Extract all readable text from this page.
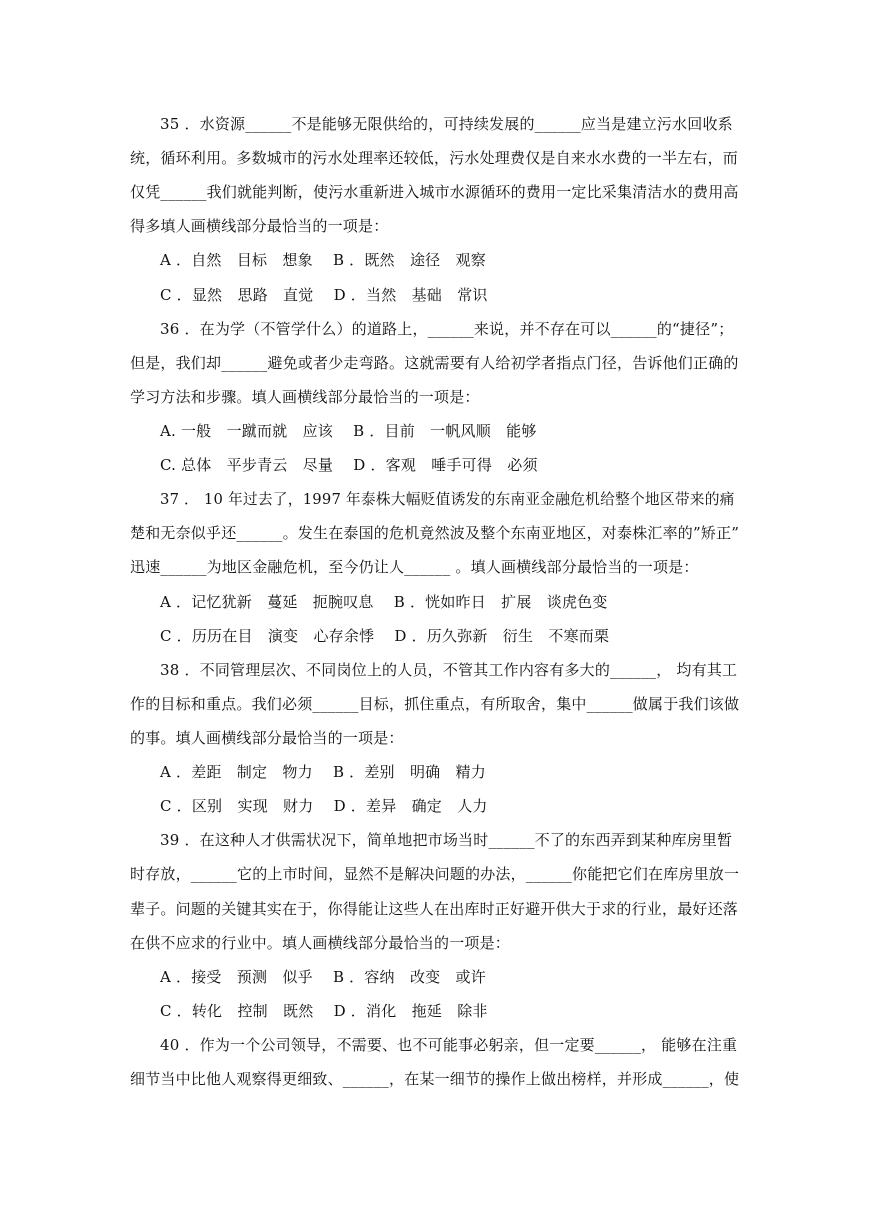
35 ．水资源______不是能够无限供给的，可持续发展的______应当是建立污水回收系
统，循环利用。多数城市的污水处理率还较低，污水处理费仅是自来水水费的一半左右，而
仅凭______我们就能判断，使污水重新进入城市水源循环的费用一定比采集清洁水的费用高
得多填人画横线部分最恰当的一项是：
A ．自然　目标　想象　 B ．既然　途径　观察
C ．显然　思路　直觉　 D ．当然　基础　常识
36 ．在为学（不管学什么）的道路上，______来说，并不存在可以______的“捷径”；
但是，我们却______避免或者少走弯路。这就需要有人给初学者指点门径，告诉他们正确的
学习方法和步骤。填人画横线部分最恰当的一项是：
A. 一般　一蹴而就　应该　 B ．目前　一帆风顺　能够
C. 总体　平步青云　尽量　 D ．客观　唾手可得　必须
37 ． 10 年过去了，1997 年泰株大幅贬值诱发的东南亚金融危机给整个地区带来的痛
楚和无奈似乎还______。发生在泰国的危机竟然波及整个东南亚地区，对泰株汇率的”矫正”
迅速______为地区金融危机，至今仍让人______ 。填人画横线部分最恰当的一项是：
A ．记忆犹新　蔓延　扼腕叹息　 B ．恍如昨日　扩展　谈虎色变
C ．历历在目　演变　心存余悸　 D ．历久弥新　衍生　不寒而栗
38 ．不同管理层次、不同岗位上的人员，不管其工作内容有多大的______， 均有其工
作的目标和重点。我们必须______目标，抓住重点，有所取舍，集中______做属于我们该做
的事。填人画横线部分最恰当的一项是：
A ．差距　制定　物力　 B ．差别　明确　精力
C ．区别　实现　财力　 D ．差异　确定　人力
39 ．在这种人才供需状况下，简单地把市场当时______不了的东西弄到某种库房里暂
时存放，______它的上市时间，显然不是解决问题的办法，______你能把它们在库房里放一
辈子。问题的关键其实在于，你得能让这些人在出库时正好避开供大于求的行业，最好还落
在供不应求的行业中。填人画横线部分最恰当的一项是：
A ．接受　预测　似乎　 B ．容纳　改变　或许
C ．转化　控制　既然　 D ．消化　拖延　除非
40 ．作为一个公司领导，不需要、也不可能事必躬亲，但一定要______， 能够在注重
细节当中比他人观察得更细致、______，在某一细节的操作上做出榜样，并形成______，使
